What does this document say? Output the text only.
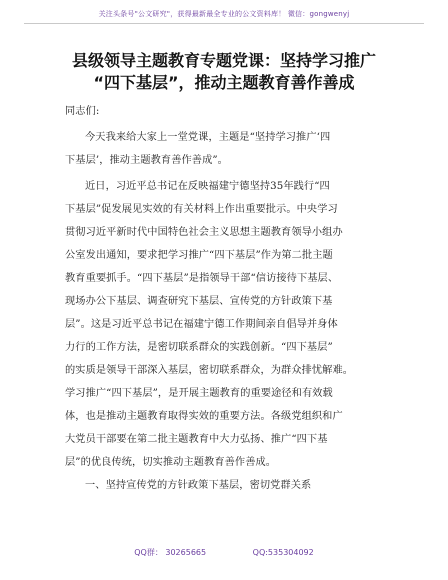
关注头条号"公文研究"，获得最新最全专业的公文资料库！ 微信：gongwenyj
县级领导主题教育专题党课：坚持学习推广
“四下基层”，推动主题教育善作善成
同志们:
今天我来给大家上一堂党课，主题是“坚持学习推广‘四
下基层’，推动主题教育善作善成”。
近日，习近平总书记在反映福建宁德坚持35年践行“四
下基层”促发展见实效的有关材料上作出重要批示。中央学习
贯彻习近平新时代中国特色社会主义思想主题教育领导小组办
公室发出通知，要求把学习推广“四下基层”作为第二批主题
教育重要抓手。“四下基层”是指领导干部“信访接待下基层、
现场办公下基层、调查研究下基层、宣传党的方针政策下基
层”。这是习近平总书记在福建宁德工作期间亲自倡导并身体
力行的工作方法，是密切联系群众的实践创新。“四下基层”
的实质是领导干部深入基层，密切联系群众，为群众排忧解难。
学习推广“四下基层”，是开展主题教育的重要途径和有效载
体，也是推动主题教育取得实效的重要方法。各级党组织和广
大党员干部要在第二批主题教育中大力弘扬、推广“四下基
层”的优良传统，切实推动主题教育善作善成。
一、坚持宣传党的方针政策下基层，密切党群关系
QQ群： 30265665	QQ:535304092
